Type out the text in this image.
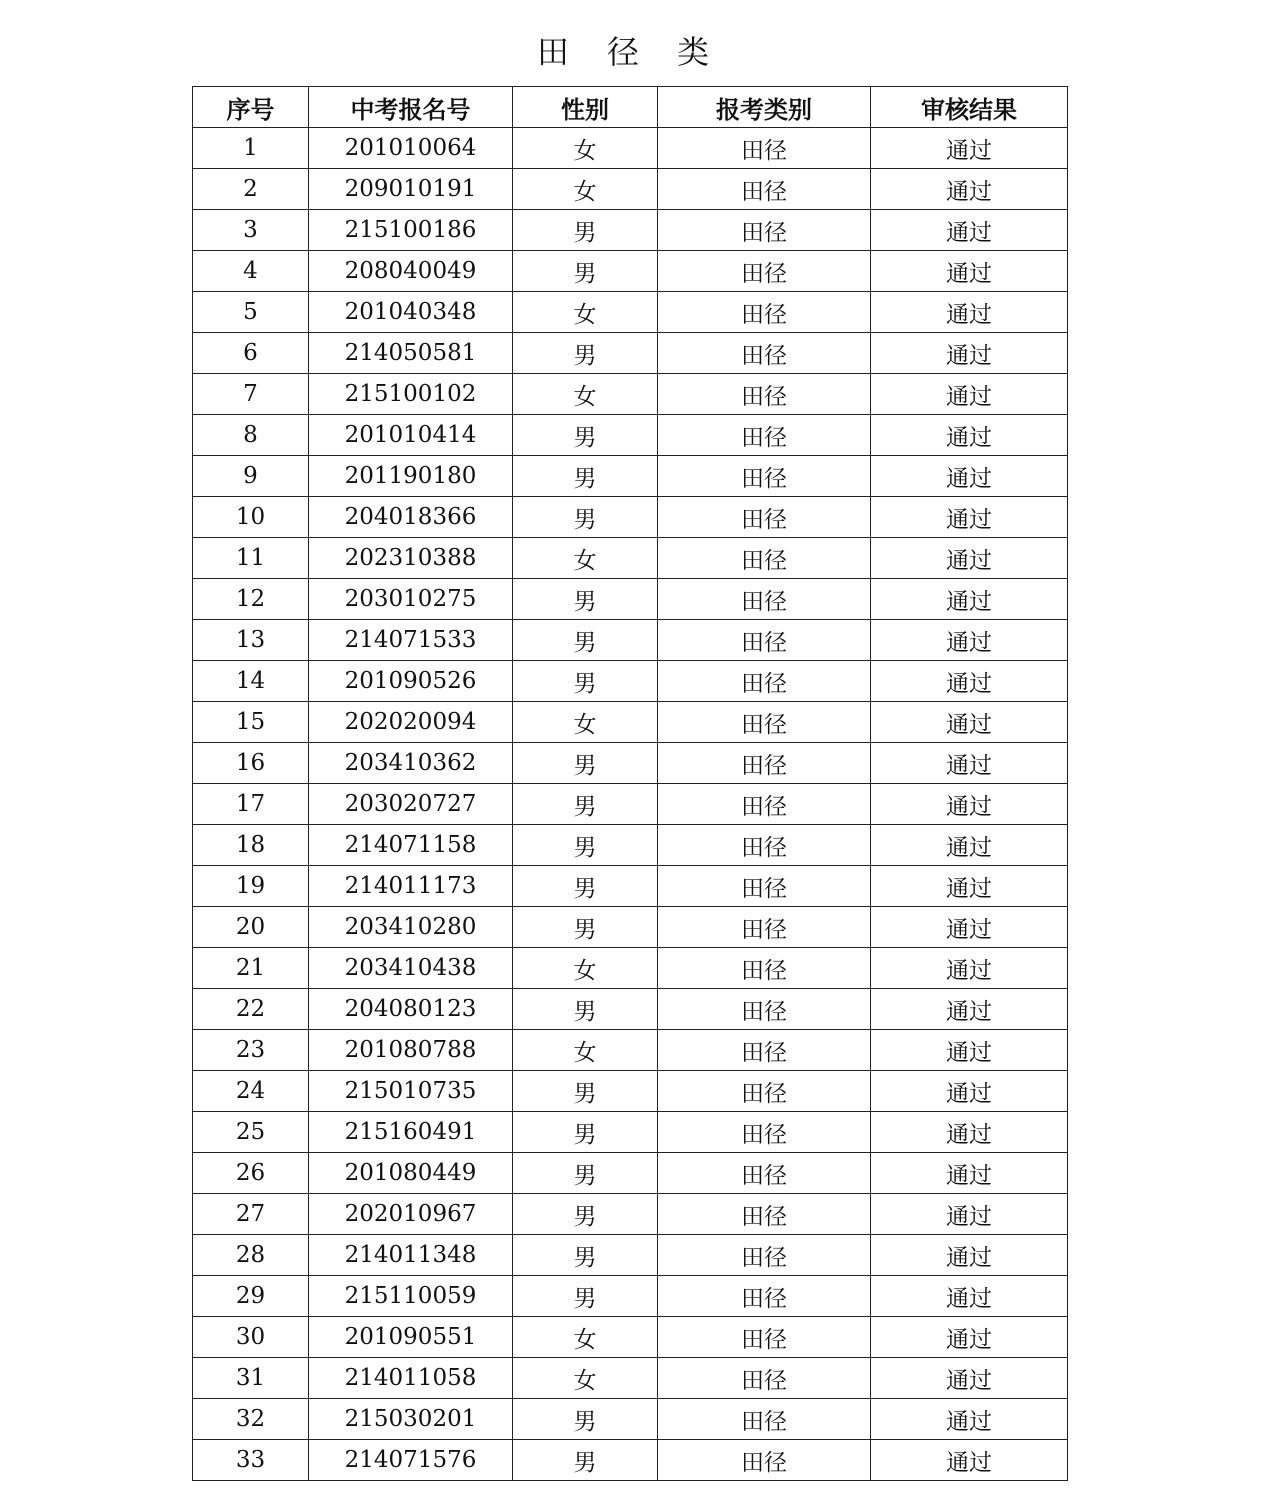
田 径 类
序号	中考报名号	性别	报考类别	审核结果
1	201010064	女	田径	通过
2	209010191	女	田径	通过
3	215100186	男	田径	通过
4	208040049	男	田径	通过
5	201040348	女	田径	通过
6	214050581	男	田径	通过
7	215100102	女	田径	通过
8	201010414	男	田径	通过
9	201190180	男	田径	通过
10	204018366	男	田径	通过
11	202310388	女	田径	通过
12	203010275	男	田径	通过
13	214071533	男	田径	通过
14	201090526	男	田径	通过
15	202020094	女	田径	通过
16	203410362	男	田径	通过
17	203020727	男	田径	通过
18	214071158	男	田径	通过
19	214011173	男	田径	通过
20	203410280	男	田径	通过
21	203410438	女	田径	通过
22	204080123	男	田径	通过
23	201080788	女	田径	通过
24	215010735	男	田径	通过
25	215160491	男	田径	通过
26	201080449	男	田径	通过
27	202010967	男	田径	通过
28	214011348	男	田径	通过
29	215110059	男	田径	通过
30	201090551	女	田径	通过
31	214011058	女	田径	通过
32	215030201	男	田径	通过
33	214071576	男	田径	通过
